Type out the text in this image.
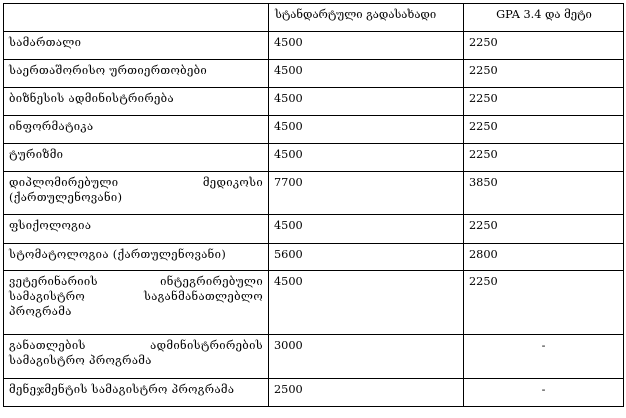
	სტანდარტული გადასახადი	GPA 3.4 და მეტი
სამართალი	4500	2250
საერთაშორისო ურთიერთობები	4500	2250
ბიზნესის ადმინისტრირება	4500	2250
ინფორმატიკა	4500	2250
ტურიზმი	4500	2250
დიპლომირებული მედიკოსი (ქართულენოვანი)	7700	3850
ფსიქოლოგია	4500	2250
სტომატოლოგია (ქართულენოვანი)	5600	2800
ვეტერინარიის ინტეგრირებული სამაგისტრო საგანმანათლებლო პროგრამა	4500	2250
განათლების ადმინისტრირების სამაგისტრო პროგრამა	3000	-
მენეჯმენტის სამაგისტრო პროგრამა	2500	-
